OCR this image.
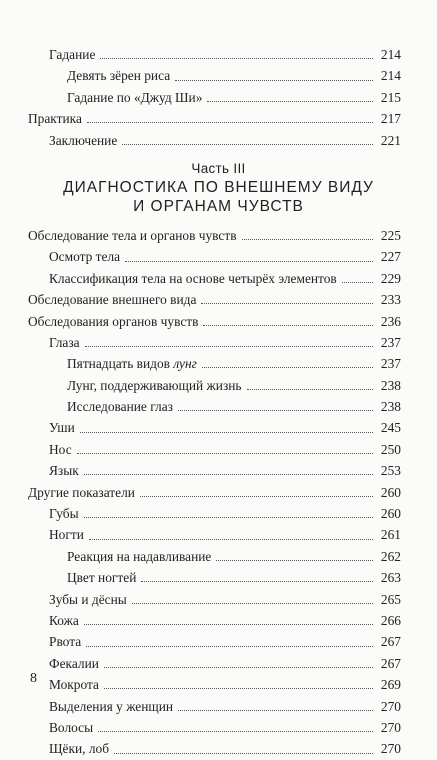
Гадание	214
Девять зёрен риса	214
Гадание по «Джуд Ши»	215
Практика	217
Заключение	221
Часть III
ДИАГНОСТИКА ПО ВНЕШНЕМУ ВИДУ
И ОРГАНАМ ЧУВСТВ
Обследование тела и органов чувств	225
Осмотр тела	227
Классификация тела на основе четырёх элементов	229
Обследование внешнего вида	233
Обследования органов чувств	236
Глаза	237
Пятнадцать видов лунг	237
Лунг, поддерживающий жизнь	238
Исследование глаз	238
Уши	245
Нос	250
Язык	253
Другие показатели	260
Губы	260
Ногти	261
Реакция на надавливание	262
Цвет ногтей	263
Зубы и дёсны	265
Кожа	266
Рвота	267
Фекалии	267
Мокрота	269
Выделения у женщин	270
Волосы	270
Щёки, лоб	270
8
